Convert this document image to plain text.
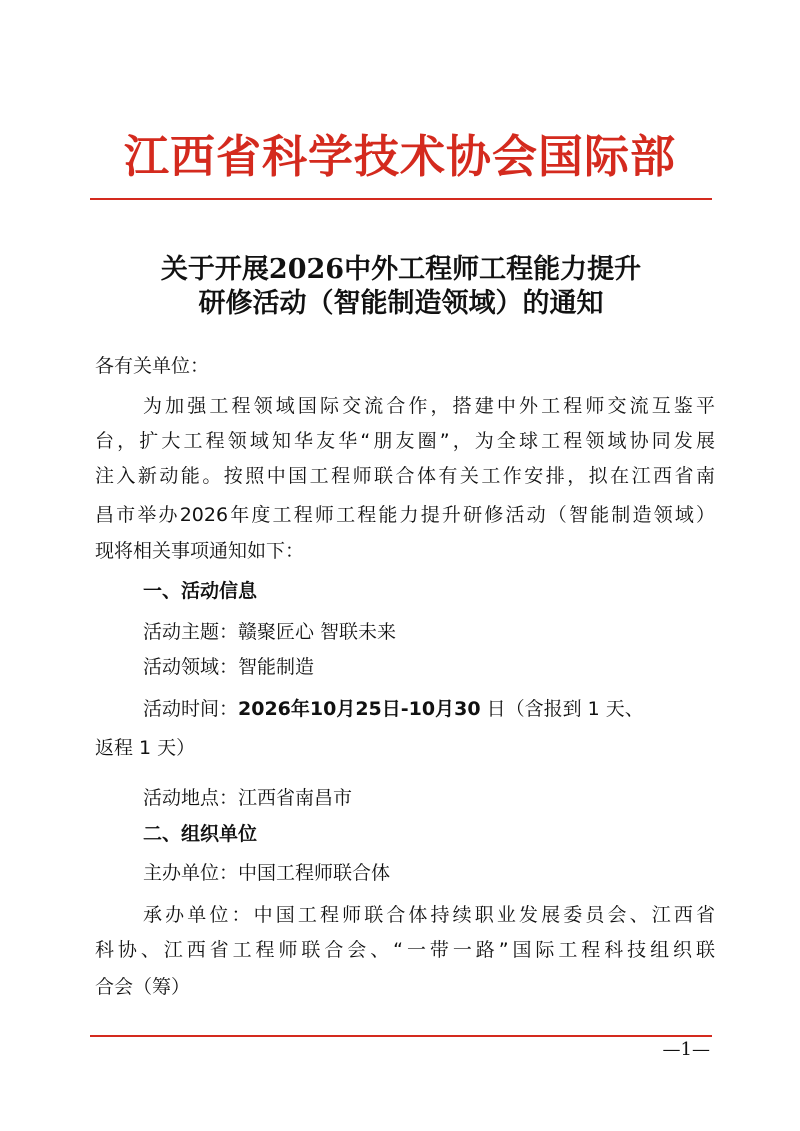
江西省科学技术协会国际部
关于开展2026中外工程师工程能力提升
研修活动（智能制造领域）的通知
各有关单位：
为加强工程领域国际交流合作，搭建中外工程师交流互鉴平
台，扩大工程领域知华友华“朋友圈”，为全球工程领域协同发展
注入新动能。按照中国工程师联合体有关工作安排，拟在江西省南
昌市举办2026年度工程师工程能力提升研修活动（智能制造领域）
现将相关事项通知如下：
一、活动信息
活动主题：赣聚匠心 智联未来
活动领域：智能制造
活动时间：2026年10月25日-10月30 日（含报到 1 天、
返程 1 天）
活动地点：江西省南昌市
二、组织单位
主办单位：中国工程师联合体
承办单位：中国工程师联合体持续职业发展委员会、江西省
科协、江西省工程师联合会、“一带一路”国际工程科技组织联
合会（筹）
—1—
